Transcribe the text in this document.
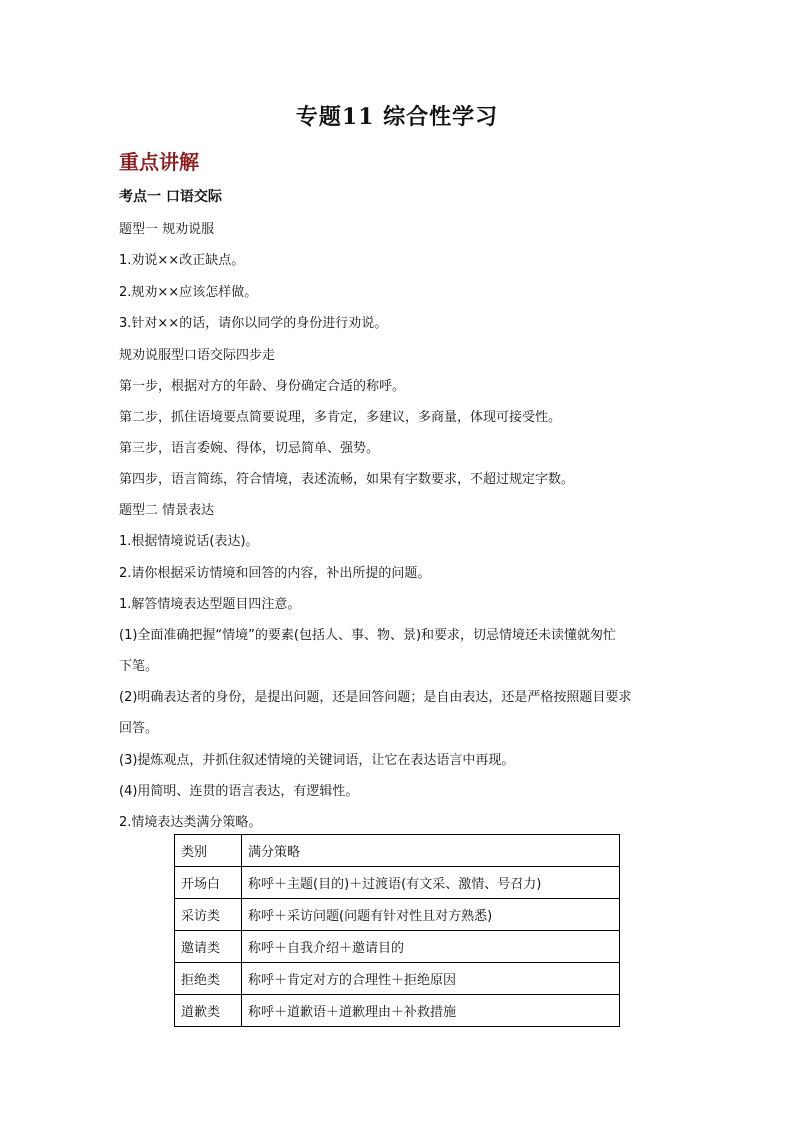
专题11 综合性学习
重点讲解
考点一 口语交际
题型一 规劝说服
1.劝说××改正缺点。
2.规劝××应该怎样做。
3.针对××的话，请你以同学的身份进行劝说。
规劝说服型口语交际四步走
第一步，根据对方的年龄、身份确定合适的称呼。
第二步，抓住语境要点简要说理，多肯定，多建议，多商量，体现可接受性。
第三步，语言委婉、得体，切忌简单、强势。
第四步，语言简练，符合情境，表述流畅，如果有字数要求，不超过规定字数。
题型二 情景表达
1.根据情境说话(表达)。
2.请你根据采访情境和回答的内容，补出所提的问题。
1.解答情境表达型题目四注意。
(1)全面准确把握“情境”的要素(包括人、事、物、景)和要求，切忌情境还未读懂就匆忙
下笔。
(2)明确表达者的身份，是提出问题，还是回答问题；是自由表达，还是严格按照题目要求
回答。
(3)提炼观点，并抓住叙述情境的关键词语，让它在表达语言中再现。
(4)用简明、连贯的语言表达，有逻辑性。
2.情境表达类满分策略。
类别	满分策略
开场白	称呼＋主题(目的)＋过渡语(有文采、激情、号召力)
采访类	称呼＋采访问题(问题有针对性且对方熟悉)
邀请类	称呼＋自我介绍＋邀请目的
拒绝类	称呼＋肯定对方的合理性＋拒绝原因
道歉类	称呼＋道歉语＋道歉理由＋补救措施
